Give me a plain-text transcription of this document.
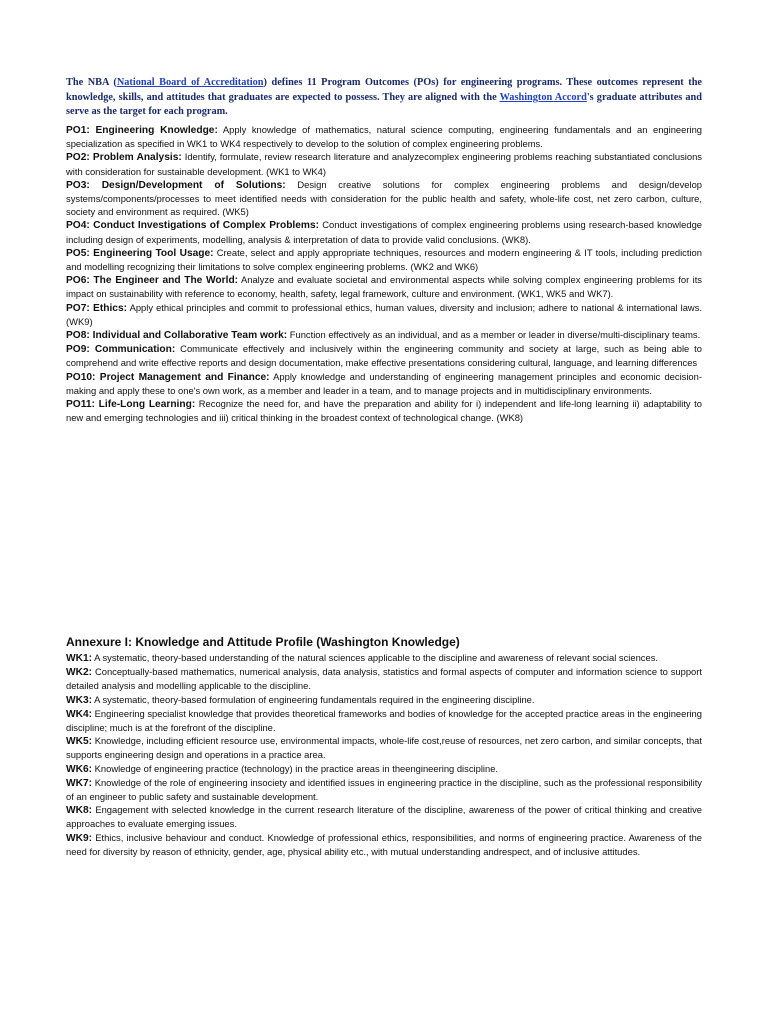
The NBA (National Board of Accreditation) defines 11 Program Outcomes (POs) for engineering programs. These outcomes represent the knowledge, skills, and attitudes that graduates are expected to possess. They are aligned with the Washington Accord's graduate attributes and serve as the target for each program.

PO1: Engineering Knowledge: Apply knowledge of mathematics, natural science computing, engineering fundamentals and an engineering specialization as specified in WK1 to WK4 respectively to develop to the solution of complex engineering problems.

PO2: Problem Analysis: Identify, formulate, review research literature and analyzecomplex engineering problems reaching substantiated conclusions with consideration for sustainable development. (WK1 to WK4)

PO3: Design/Development of Solutions: Design creative solutions for complex engineering problems and design/develop systems/components/processes to meet identified needs with consideration for the public health and safety, whole-life cost, net zero carbon, culture, society and environment as required. (WK5)

PO4: Conduct Investigations of Complex Problems: Conduct investigations of complex engineering problems using research-based knowledge including design of experiments, modelling, analysis & interpretation of data to provide valid conclusions. (WK8).

PO5: Engineering Tool Usage: Create, select and apply appropriate techniques, resources and modern engineering & IT tools, including prediction and modelling recognizing their limitations to solve complex engineering problems. (WK2 and WK6)

PO6: The Engineer and The World: Analyze and evaluate societal and environmental aspects while solving complex engineering problems for its impact on sustainability with reference to economy, health, safety, legal framework, culture and environment. (WK1, WK5 and WK7).

PO7: Ethics: Apply ethical principles and commit to professional ethics, human values, diversity and inclusion; adhere to national & international laws. (WK9)

PO8: Individual and Collaborative Team work: Function effectively as an individual, and as a member or leader in diverse/multi-disciplinary teams.

PO9: Communication: Communicate effectively and inclusively within the engineering community and society at large, such as being able to comprehend and write effective reports and design documentation, make effective presentations considering cultural, language, and learning differences

PO10: Project Management and Finance: Apply knowledge and understanding of engineering management principles and economic decision-making and apply these to one's own work, as a member and leader in a team, and to manage projects and in multidisciplinary environments.

PO11: Life-Long Learning: Recognize the need for, and have the preparation and ability for i) independent and life-long learning ii) adaptability to new and emerging technologies and iii) critical thinking in the broadest context of technological change. (WK8)

Annexure I: Knowledge and Attitude Profile (Washington Knowledge)

WK1: A systematic, theory-based understanding of the natural sciences applicable to the discipline and awareness of relevant social sciences.

WK2: Conceptually-based mathematics, numerical analysis, data analysis, statistics and formal aspects of computer and information science to support detailed analysis and modelling applicable to the discipline.

WK3: A systematic, theory-based formulation of engineering fundamentals required in the engineering discipline.

WK4: Engineering specialist knowledge that provides theoretical frameworks and bodies of knowledge for the accepted practice areas in the engineering discipline; much is at the forefront of the discipline.

WK5: Knowledge, including efficient resource use, environmental impacts, whole-life cost,reuse of resources, net zero carbon, and similar concepts, that supports engineering design and operations in a practice area.

WK6: Knowledge of engineering practice (technology) in the practice areas in theengineering discipline.

WK7: Knowledge of the role of engineering insociety and identified issues in engineering practice in the discipline, such as the professional responsibility of an engineer to public safety and sustainable development.

WK8: Engagement with selected knowledge in the current research literature of the discipline, awareness of the power of critical thinking and creative approaches to evaluate emerging issues.

WK9: Ethics, inclusive behaviour and conduct. Knowledge of professional ethics, responsibilities, and norms of engineering practice. Awareness of the need for diversity by reason of ethnicity, gender, age, physical ability etc., with mutual understanding andrespect, and of inclusive attitudes.
